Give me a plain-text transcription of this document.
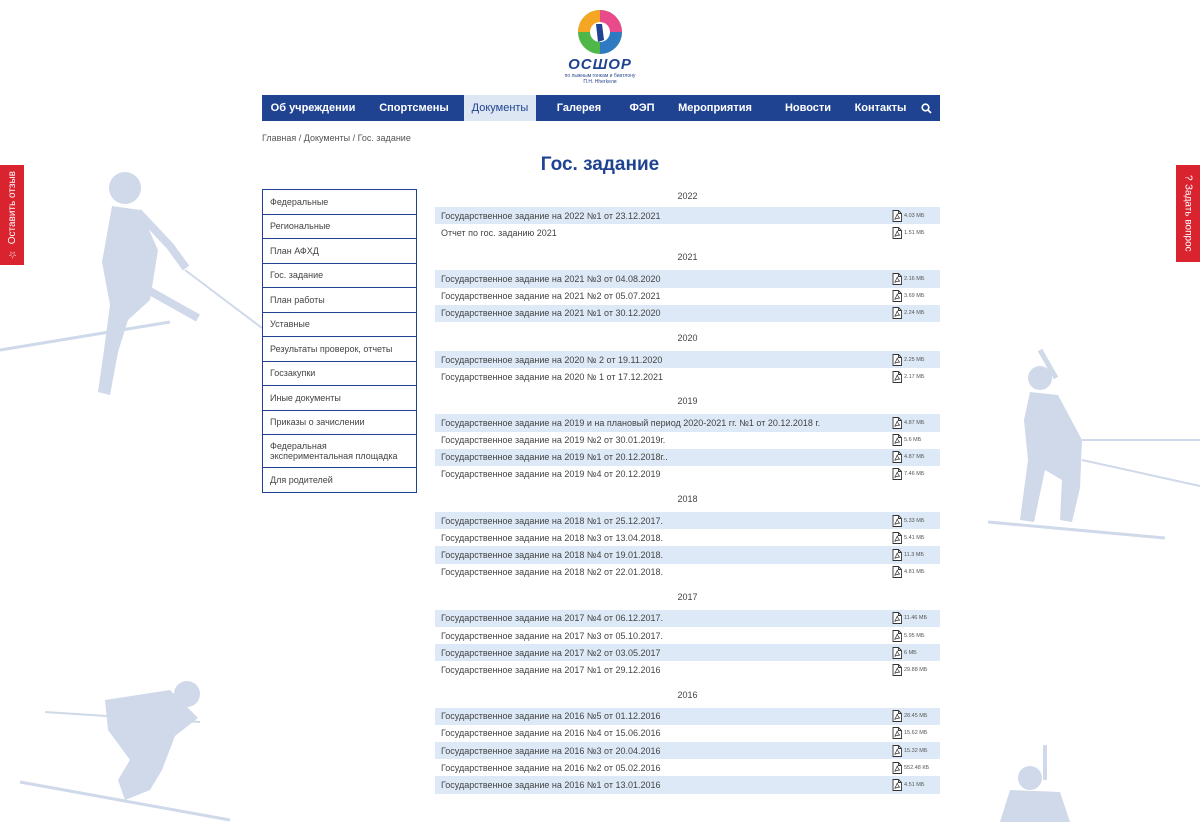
☆
Оставить отзыв	?
Задать вопрос
ОСШОР
по лыжным гонкам и биатлону
П.Н. Нherkeли
Об учреждении	Спортсмены	Документы	Галерея	ФЭП	Мероприятия	Новости	Контакты
Главная / Документы / Гос. задание
Гос. задание
Федеральные
Региональные
План АФХД
Гос. задание
План работы
Уставные
Результаты проверок, отчеты
Госзакупки
Иные документы
Приказы о зачислении
Федеральная экспериментальная площадка
Для родителей
2022
Государственное задание на 2022 №1 от 23.12.2021	4.03 МБ
Отчет по гос. заданию 2021	1.51 МБ
2021
Государственное задание на 2021 №3 от 04.08.2020	2.16 МБ
Государственное задание на 2021 №2 от 05.07.2021	3.69 МБ
Государственное задание на 2021 №1 от 30.12.2020	2.24 МБ
2020
Государственное задание на 2020 № 2 от 19.11.2020	2.25 МБ
Государственное задание на 2020 № 1 от 17.12.2021	2.17 МБ
2019
Государственное задание на 2019 и на плановый период 2020-2021 гг. №1 от 20.12.2018 г.	4.87 МБ
Государственное задание на 2019 №2 от 30.01.2019г.	5.6 МБ
Государственное задание на 2019 №1 от 20.12.2018г..	4.87 МБ
Государственное задание на 2019 №4 от 20.12.2019	7.46 МБ
2018
Государственное задание на 2018 №1 от 25.12.2017.	5.33 МБ
Государственное задание на 2018 №3 от 13.04.2018.	5.41 МБ
Государственное задание на 2018 №4 от 19.01.2018.	11.3 МБ
Государственное задание на 2018 №2 от 22.01.2018.	4.81 МБ
2017
Государственное задание на 2017 №4 от 06.12.2017.	11.46 МБ
Государственное задание на 2017 №3 от 05.10.2017.	5.95 МБ
Государственное задание на 2017 №2 от 03.05.2017	6 МБ
Государственное задание на 2017 №1 от 29.12.2016	29.88 МБ
2016
Государственное задание на 2016 №5 от 01.12.2016	28.45 МБ
Государственное задание на 2016 №4 от 15.06.2016	15.62 МБ
Государственное задание на 2016 №3 от 20.04.2016	15.32 МБ
Государственное задание на 2016 №2 от 05.02.2016	552.48 КБ
Государственное задание на 2016 №1 от 13.01.2016	4.51 МБ
